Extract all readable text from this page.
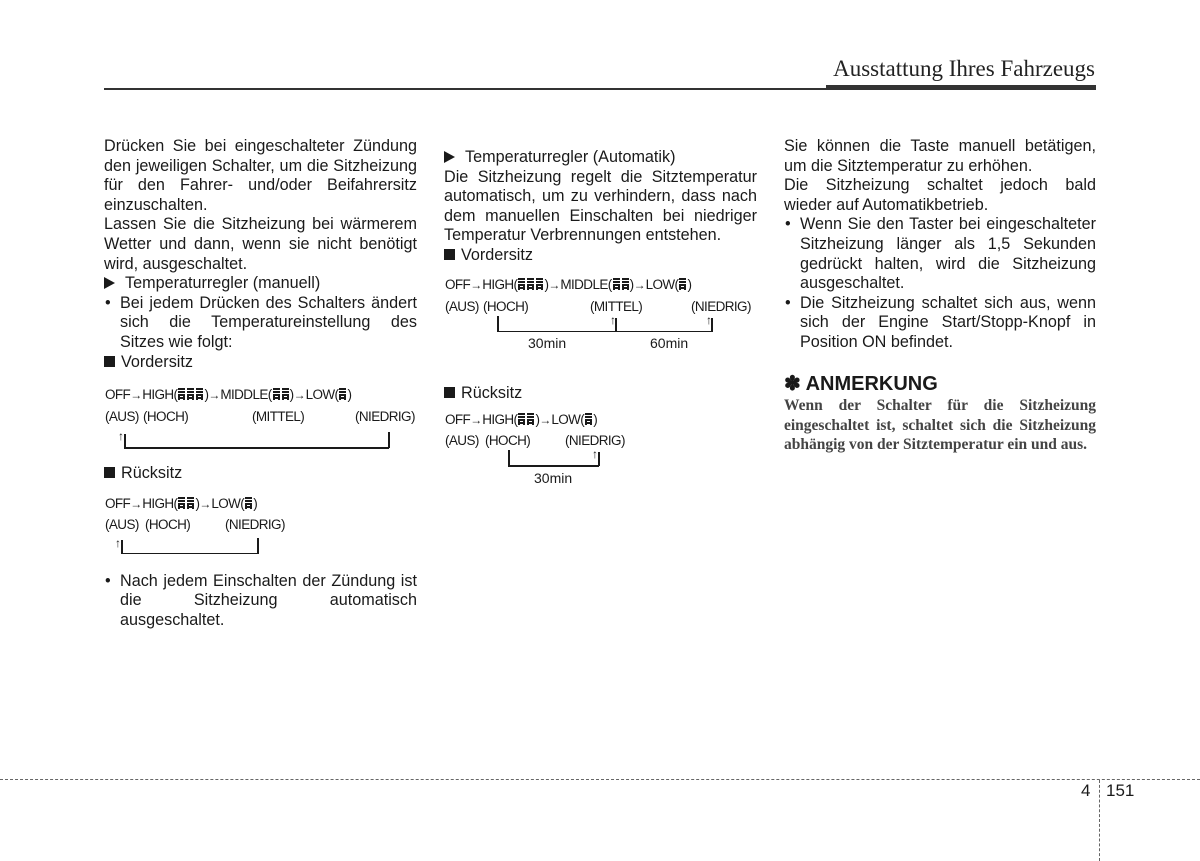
Ausstattung Ihres Fahrzeugs

Drücken Sie bei eingeschalteter Zündung den jeweiligen Schalter, um die Sitzheizung für den Fahrer- und/oder Beifahrersitz einzuschalten.

Lassen Sie die Sitzheizung bei wärmerem Wetter und dann, wenn sie nicht benötigt wird, ausgeschaltet.

Temperaturregler (manuell)

• Bei jedem Drücken des Schalters ändert sich die Temperatureinstellung des Sitzes wie folgt:

Vordersitz

OFF→HIGH( )→MIDDLE( )→LOW( )
(AUS) (HOCH)	(MITTEL)	(NIEDRIG)
↑

Rücksitz

OFF→HIGH( )→LOW( )
(AUS) (HOCH)	(NIEDRIG)
↑

• Nach jedem Einschalten der Zündung ist die Sitzheizung automatisch ausgeschaltet.

Temperaturregler (Automatik)

Die Sitzheizung regelt die Sitztemperatur automatisch, um zu verhindern, dass nach dem manuellen Einschalten bei niedriger Temperatur Verbrennungen entstehen.

Vordersitz

OFF→HIGH( )→MIDDLE( )→LOW( )
(AUS) (HOCH)	(MITTEL)	(NIEDRIG)
↑	↑
30min	60min

Rücksitz

OFF→HIGH( )→LOW( )
(AUS) (HOCH)	(NIEDRIG)
↑
30min

Sie können die Taste manuell betätigen, um die Sitztemperatur zu erhöhen.

Die Sitzheizung schaltet jedoch bald wieder auf Automatikbetrieb.

• Wenn Sie den Taster bei eingeschalteter Sitzheizung länger als 1,5 Sekunden gedrückt halten, wird die Sitzheizung ausgeschaltet.

• Die Sitzheizung schaltet sich aus, wenn sich der Engine Start/Stopp-Knopf in Position ON befindet.

✽ ANMERKUNG

Wenn der Schalter für die Sitzheizung eingeschaltet ist, schaltet sich die Sitzheizung abhängig von der Sitztemperatur ein und aus.

4 151
